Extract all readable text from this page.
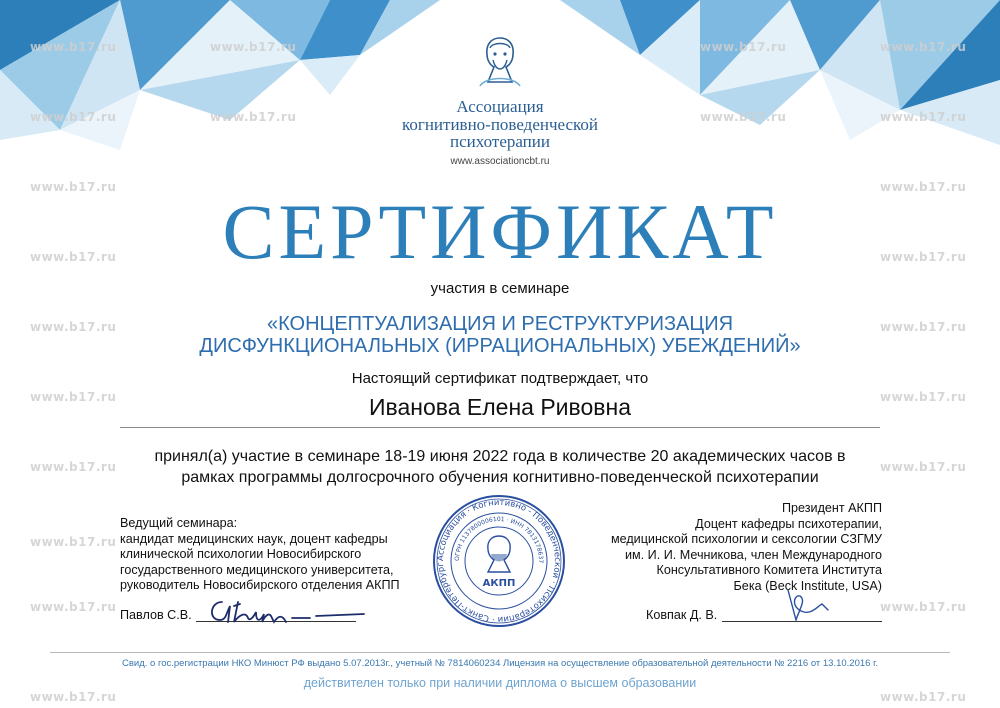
www.b17.ru	www.b17.ru	www.b17.ru	www.b17.ru
www.b17.ru	www.b17.ru	www.b17.ru	www.b17.ru
www.b17.ru	www.b17.ru
www.b17.ru	www.b17.ru
www.b17.ru	www.b17.ru
www.b17.ru	www.b17.ru
www.b17.ru	www.b17.ru
www.b17.ru
www.b17.ru	www.b17.ru
www.b17.ru	www.b17.ru
Ассоциация
когнитивно-поведенческой
психотерапии
www.associationcbt.ru
СЕРТИФИКАТ
участия в семинаре
«КОНЦЕПТУАЛИЗАЦИЯ И РЕСТРУКТУРИЗАЦИЯ
ДИСФУНКЦИОНАЛЬНЫХ (ИРРАЦИОНАЛЬНЫХ) УБЕЖДЕНИЙ»
Настоящий сертификат подтверждает, что
Иванова Елена Ривовна
принял(а) участие в семинаре 18-19 июня 2022 года в количестве 20 академических часов в
рамках программы долгосрочного обучения когнитивно-поведенческой психотерапии
Ведущий семинара:
кандидат медицинских наук, доцент кафедры
клинической психологии Новосибирского
государственного медицинского университета,
руководитель Новосибирского отделения АКПП
Павлов С.В.
Президент АКПП
Доцент кафедры психотерапии,
медицинской психологии и сексологии СЗГМУ
им. И. И. Мечникова, член Международного
Консультативного Комитета Института
Бека (Beck Institute, USA)
Ковпак Д. В.
Ассоциация · Когнитивно - Поведенческой · Психотерапии · Санкт-Петербург
ОГРН 1137800006101 · ИНН 7813178637
АКПП
Свид. о гос.регистрации НКО Минюст РФ выдано 5.07.2013г., учетный № 7814060234 Лицензия на осуществление образовательной деятельности № 2216 от 13.10.2016 г.
действителен только при наличии диплома о высшем образовании
